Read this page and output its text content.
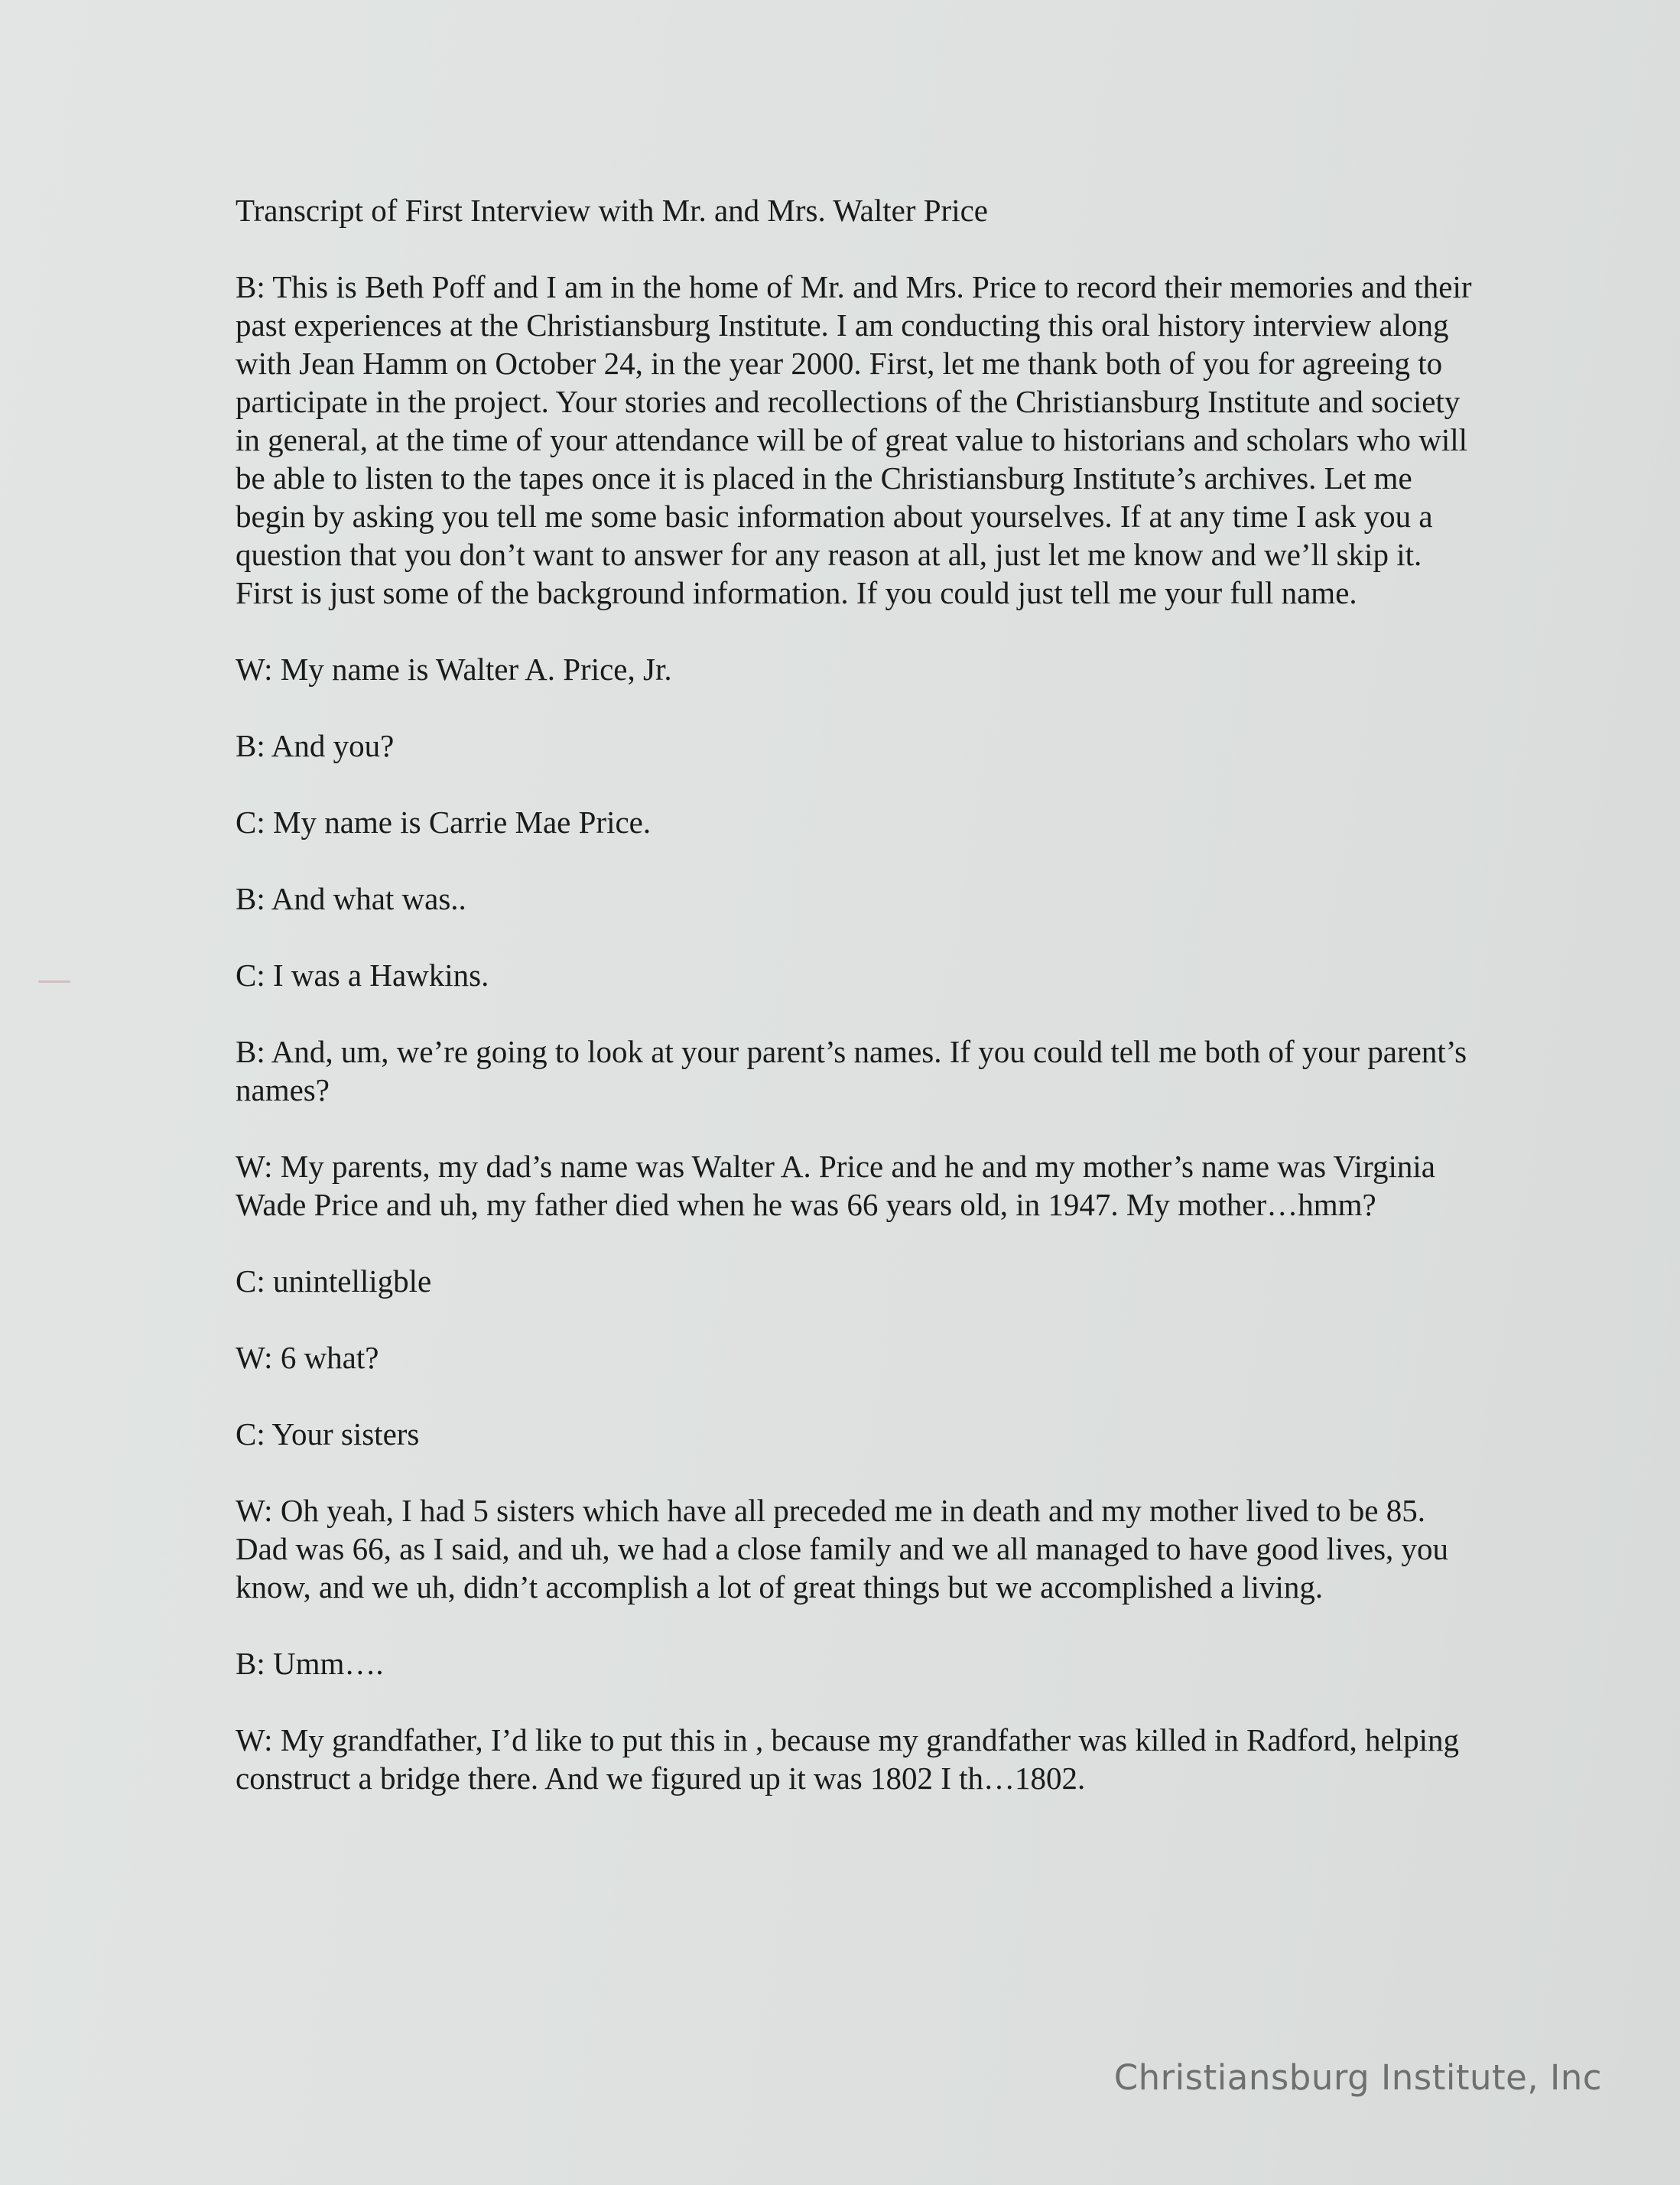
Transcript of First Interview with Mr. and Mrs. Walter Price

B: This is Beth Poff and I am in the home of Mr. and Mrs. Price to record their memories and their past experiences at the Christiansburg Institute. I am conducting this oral history interview along with Jean Hamm on October 24, in the year 2000. First, let me thank both of you for agreeing to participate in the project. Your stories and recollections of the Christiansburg Institute and society in general, at the time of your attendance will be of great value to historians and scholars who will be able to listen to the tapes once it is placed in the Christiansburg Institute’s archives. Let me begin by asking you tell me some basic information about yourselves. If at any time I ask you a question that you don’t want to answer for any reason at all, just let me know and we’ll skip it. First is just some of the background information. If you could just tell me your full name.

W: My name is Walter A. Price, Jr.

B: And you?

C: My name is Carrie Mae Price.

B: And what was..

C: I was a Hawkins.

B: And, um, we’re going to look at your parent’s names. If you could tell me both of your parent’s names?

W: My parents, my dad’s name was Walter A. Price and he and my mother’s name was Virginia Wade Price and uh, my father died when he was 66 years old, in 1947. My mother…hmm?

C: unintelligble

W: 6 what?

C: Your sisters

W: Oh yeah, I had 5 sisters which have all preceded me in death and my mother lived to be 85. Dad was 66, as I said, and uh, we had a close family and we all managed to have good lives, you know, and we uh, didn’t accomplish a lot of great things but we accomplished a living.

B: Umm….

W: My grandfather, I’d like to put this in , because my grandfather was killed in Radford, helping construct a bridge there. And we figured up it was 1802 I th…1802.

Christiansburg Institute, Inc
